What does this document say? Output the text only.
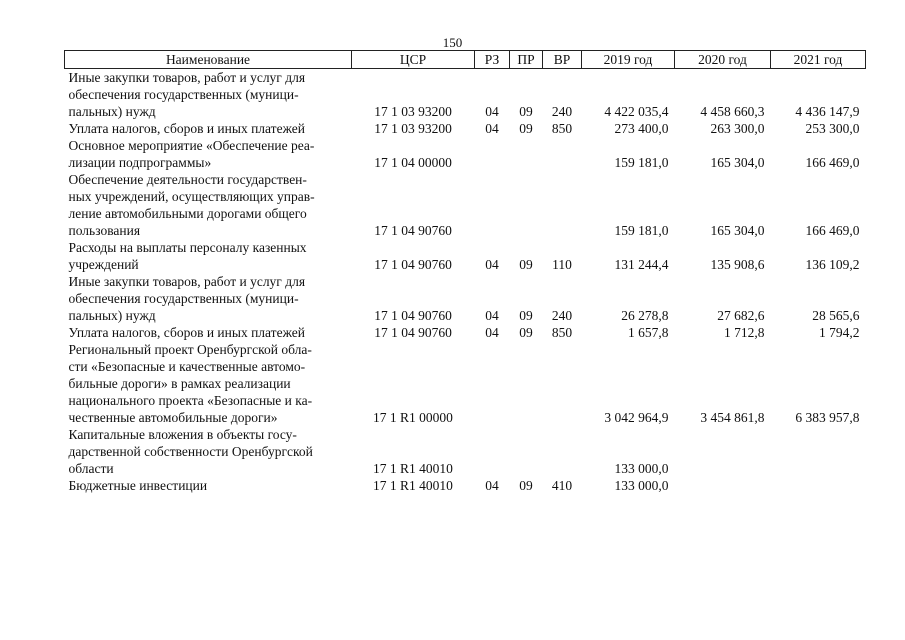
150
Наименование	ЦСР	РЗ	ПР	ВР	2019 год	2020 год	2021 год

Иные закупки товаров, работ и услуг для
обеспечения государственных (муници-
пальных) нужд	17 1 03 93200	04	09	240	4 422 035,4	4 458 660,3	4 436 147,9

Уплата налогов, сборов и иных платежей	17 1 03 93200	04	09	850	273 400,0	263 300,0	253 300,0

Основное мероприятие «Обеспечение реа-
лизации подпрограммы»	17 1 04 00000				159 181,0	165 304,0	166 469,0

Обеспечение деятельности государствен-
ных учреждений, осуществляющих управ-
ление автомобильными дорогами общего
пользования	17 1 04 90760				159 181,0	165 304,0	166 469,0

Расходы на выплаты персоналу казенных
учреждений	17 1 04 90760	04	09	110	131 244,4	135 908,6	136 109,2

Иные закупки товаров, работ и услуг для
обеспечения государственных (муници-
пальных) нужд	17 1 04 90760	04	09	240	26 278,8	27 682,6	28 565,6

Уплата налогов, сборов и иных платежей	17 1 04 90760	04	09	850	1 657,8	1 712,8	1 794,2

Региональный проект Оренбургской обла-
сти «Безопасные и качественные автомо-
бильные дороги» в рамках реализации
национального проекта «Безопасные и ка-
чественные автомобильные дороги»	17 1 R1 00000				3 042 964,9	3 454 861,8	6 383 957,8

Капитальные вложения в объекты госу-
дарственной собственности Оренбургской
области	17 1 R1 40010				133 000,0		

Бюджетные инвестиции	17 1 R1 40010	04	09	410	133 000,0		
